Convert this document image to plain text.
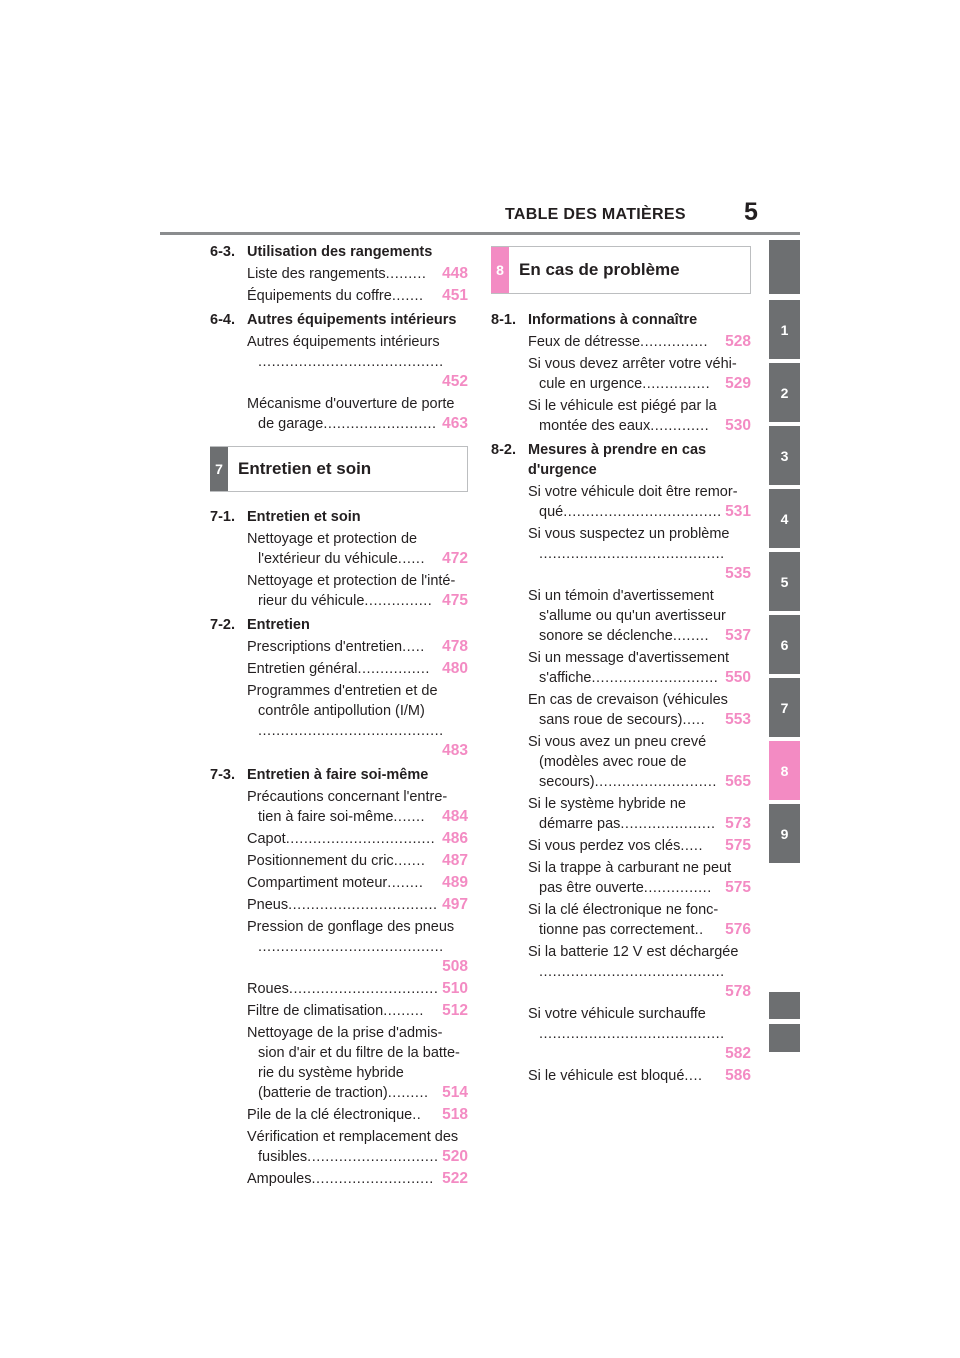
TABLE DES MATIÈRES 5
1
2
3
4
5
6
7
8
9
6-3. Utilisation des rangements
Liste des rangements......... 448
Équipements du coffre....... 451
6-4. Autres équipements intérieurs
Autres équipements intérieurs
.........................................
452
Mécanisme d'ouverture de porte
de garage......................... 463
7 Entretien et soin
7-1. Entretien et soin
Nettoyage et protection de
l'extérieur du véhicule...... 472
Nettoyage et protection de l'inté-
rieur du véhicule............... 475
7-2. Entretien
Prescriptions d'entretien..... 478
Entretien général................ 480
Programmes d'entretien et de
contrôle antipollution (I/M)
.........................................
483
7-3. Entretien à faire soi-même
Précautions concernant l'entre-
tien à faire soi-même....... 484
Capot................................. 486
Positionnement du cric....... 487
Compartiment moteur........ 489
Pneus................................. 497
Pression de gonflage des pneus
.........................................
508
Roues................................. 510
Filtre de climatisation......... 512
Nettoyage de la prise d'admis-
sion d'air et du filtre de la batte-
rie du système hybride
(batterie de traction)......... 514
Pile de la clé électronique.. 518
Vérification et remplacement des
fusibles............................. 520
Ampoules........................... 522
8 En cas de problème
8-1. Informations à connaître
Feux de détresse............... 528
Si vous devez arrêter votre véhi-
cule en urgence............... 529
Si le véhicule est piégé par la
montée des eaux............. 530
8-2. Mesures à prendre en cas
d'urgence
Si votre véhicule doit être remor-
qué................................... 531
Si vous suspectez un problème
.........................................
535
Si un témoin d'avertissement
s'allume ou qu'un avertisseur
sonore se déclenche........ 537
Si un message d'avertissement
s'affiche............................ 550
En cas de crevaison (véhicules
sans roue de secours)..... 553
Si vous avez un pneu crevé
(modèles avec roue de
secours)........................... 565
Si le système hybride ne
démarre pas..................... 573
Si vous perdez vos clés..... 575
Si la trappe à carburant ne peut
pas être ouverte............... 575
Si la clé électronique ne fonc-
tionne pas correctement.. 576
Si la batterie 12 V est déchargée
.........................................
578
Si votre véhicule surchauffe
.........................................
582
Si le véhicule est bloqué.... 586
